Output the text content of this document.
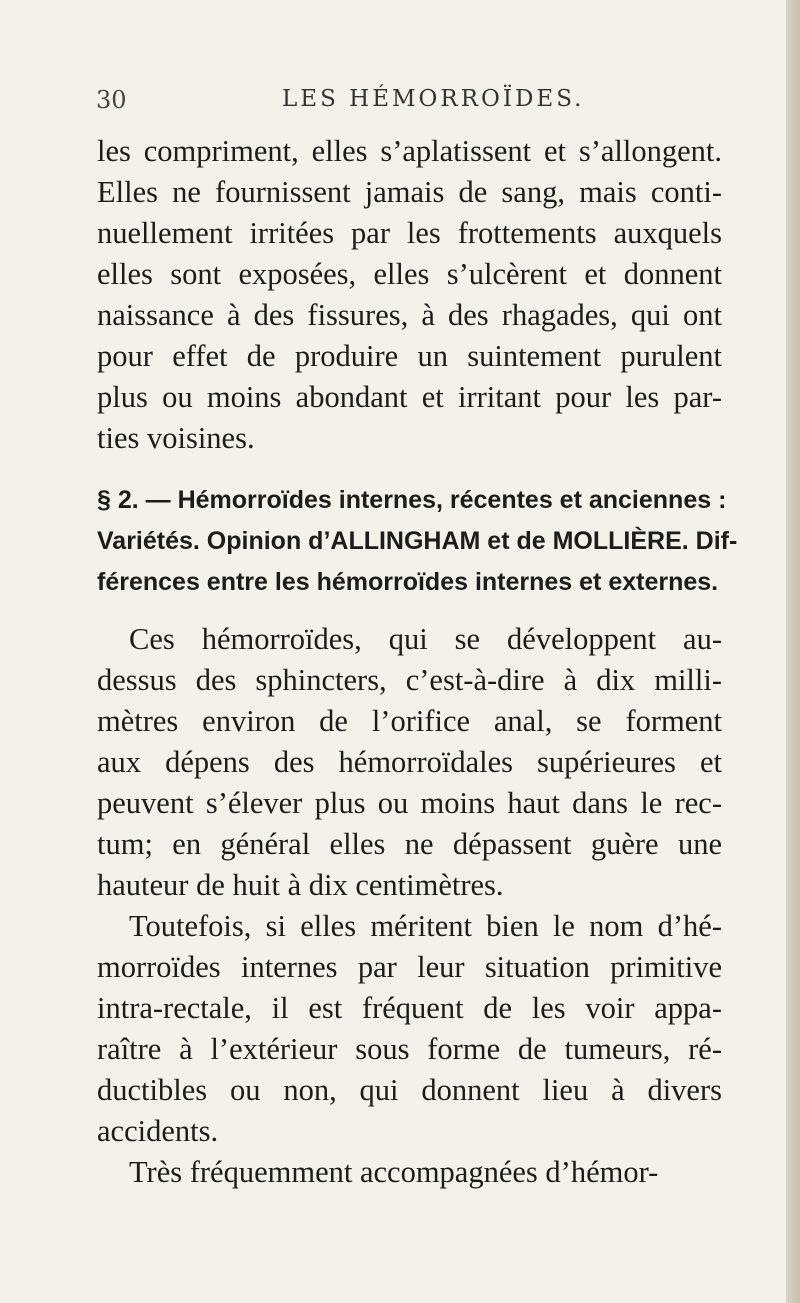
30	LES HÉMORROÏDES.
les compriment, elles s’aplatissent et s’allongent.
Elles ne fournissent jamais de sang, mais conti-
nuellement irritées par les frottements auxquels
elles sont exposées, elles s’ulcèrent et donnent
naissance à des fissures, à des rhagades, qui ont
pour effet de produire un suintement purulent
plus ou moins abondant et irritant pour les par-
ties voisines.
§ 2. — Hémorroïdes internes, récentes et anciennes :
Variétés. Opinion d’ALLINGHAM et de MOLLIÈRE. Dif-
férences entre les hémorroïdes internes et externes.
Ces hémorroïdes, qui se développent au-
dessus des sphincters, c’est-à-dire à dix milli-
mètres environ de l’orifice anal, se forment
aux dépens des hémorroïdales supérieures et
peuvent s’élever plus ou moins haut dans le rec-
tum; en général elles ne dépassent guère une
hauteur de huit à dix centimètres.
Toutefois, si elles méritent bien le nom d’hé-
morroïdes internes par leur situation primitive
intra-rectale, il est fréquent de les voir appa-
raître à l’extérieur sous forme de tumeurs, ré-
ductibles ou non, qui donnent lieu à divers
accidents.
Très fréquemment accompagnées d’hémor-
